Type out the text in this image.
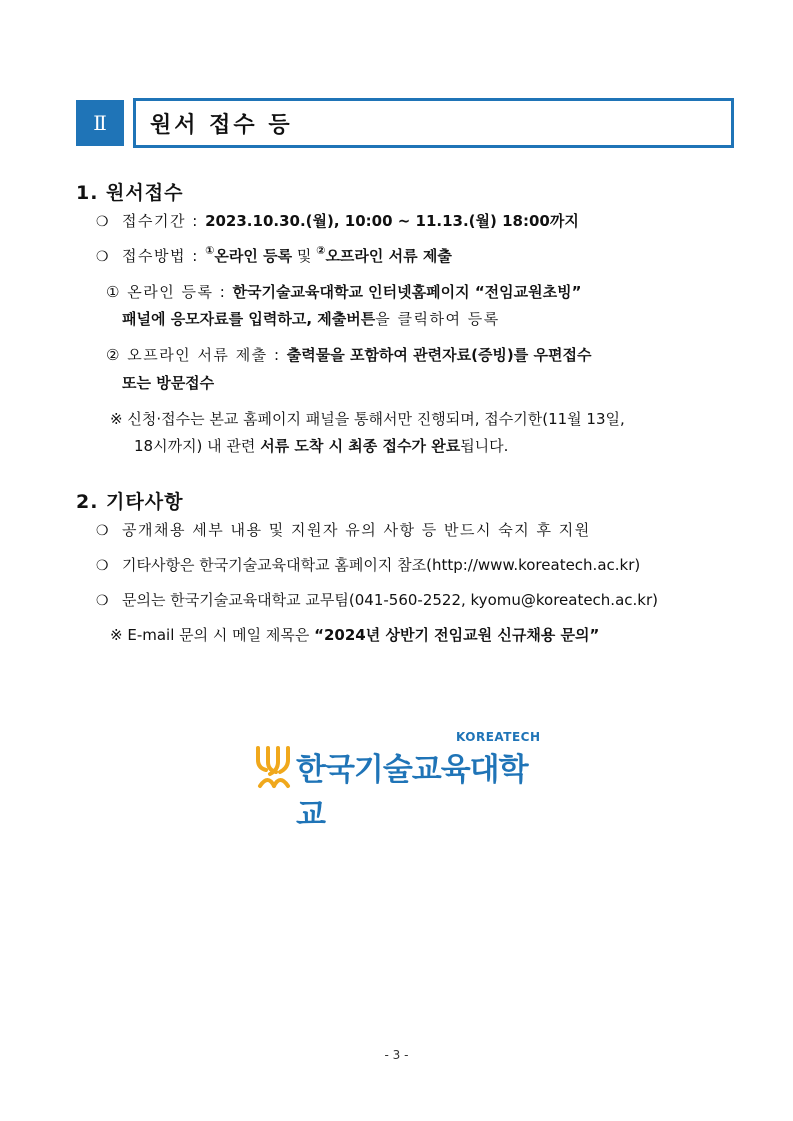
Ⅱ	원서 접수 등
1. 원서접수
❍ 접수기간 : 2023.10.30.(월), 10:00 ~ 11.13.(월) 18:00까지
❍ 접수방법 : ①온라인 등록 및 ②오프라인 서류 제출
① 온라인 등록 : 한국기술교육대학교 인터넷홈페이지 “전임교원초빙”
패널에 응모자료를 입력하고, 제출버튼을 클릭하여 등록
② 오프라인 서류 제출 : 출력물을 포함하여 관련자료(증빙)를 우편접수
또는 방문접수
※ 신청·접수는 본교 홈페이지 패널을 통해서만 진행되며, 접수기한(11월 13일,
18시까지) 내 관련 서류 도착 시 최종 접수가 완료됩니다.
2. 기타사항
❍ 공개채용 세부 내용 및 지원자 유의 사항 등 반드시 숙지 후 지원
❍ 기타사항은 한국기술교육대학교 홈페이지 참조(http://www.koreatech.ac.kr)
❍ 문의는 한국기술교육대학교 교무팀(041-560-2522, kyomu@koreatech.ac.kr)
※ E-mail 문의 시 메일 제목은 “2024년 상반기 전임교원 신규채용 문의”
KOREATECH
한국기술교육대학교
- 3 -
